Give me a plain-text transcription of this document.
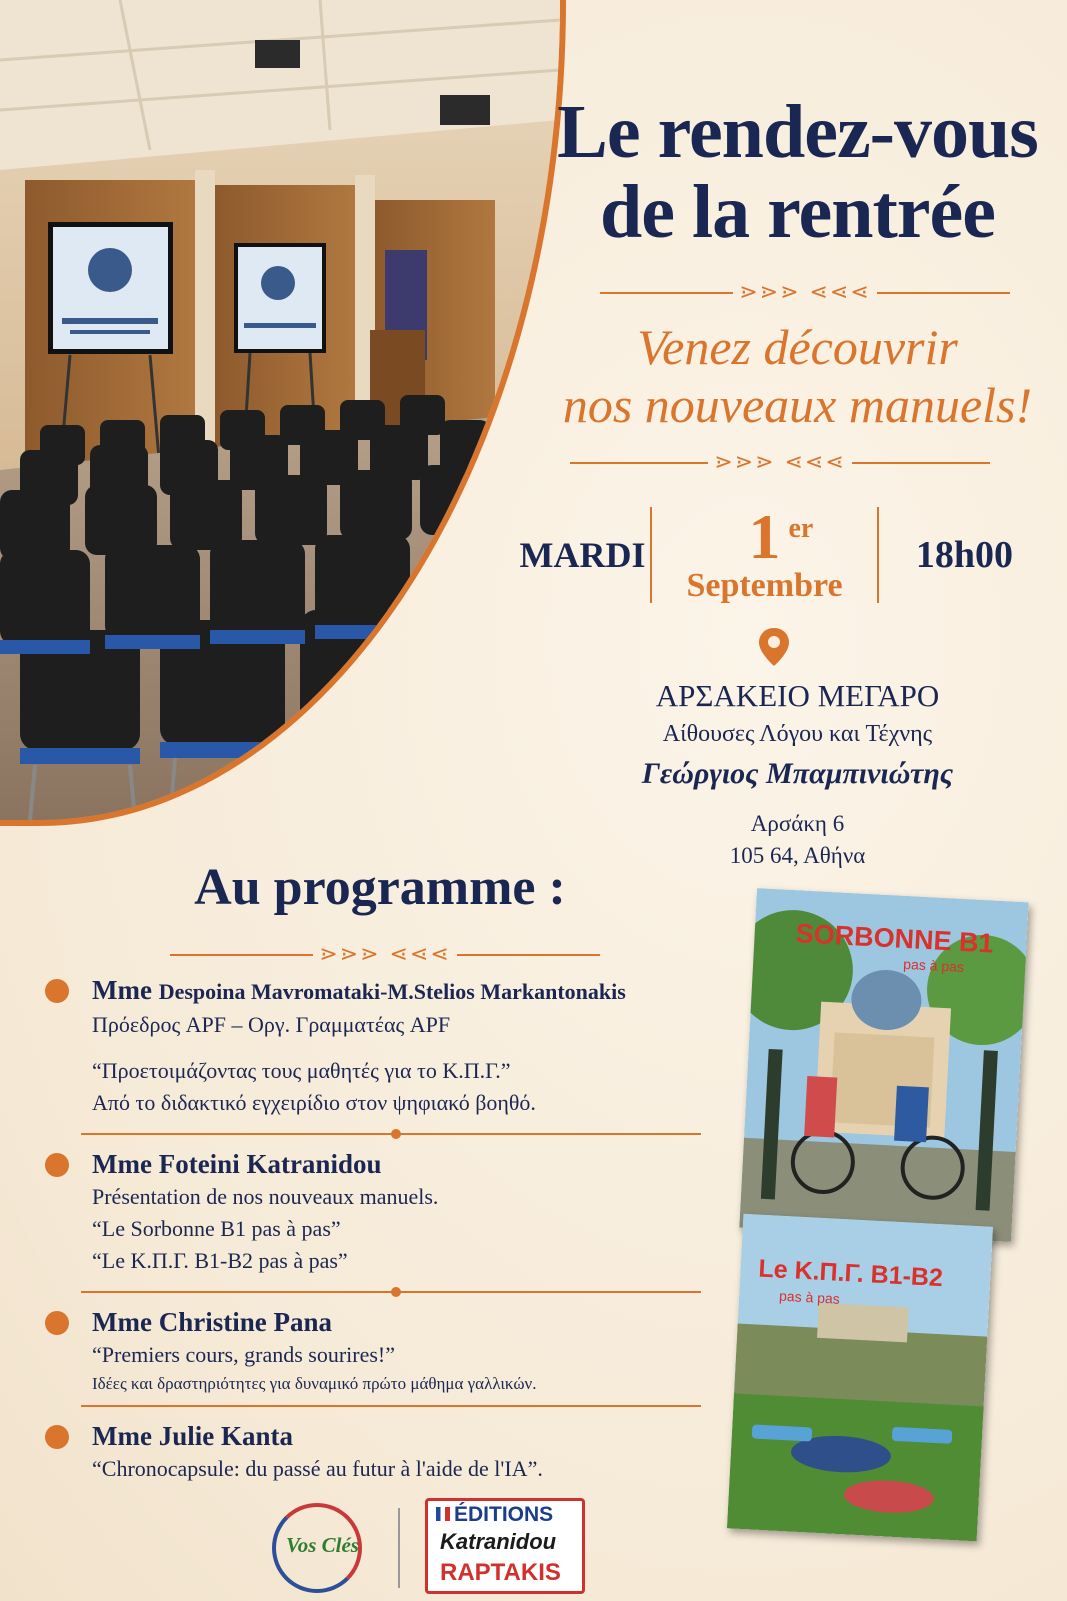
Le rendez-vous
de la rentrée
⋗⋗⋗ ⋖⋖⋖
Venez découvrir
nos nouveaux manuels!
⋗⋗⋗ ⋖⋖⋖
MARDI 1 er
Septembre
18h00
ΑΡΣΑΚΕΙΟ ΜΕΓΑΡΟ
Αίθουσες Λόγου και Τέχνης
Γεώργιος Μπαμπινιώτης
Αρσάκη 6
105 64, Αθήνα
Au programme :
⋗⋗⋗ ⋖⋖⋖
Mme Despoina Mavromataki-M.Stelios Markantonakis
Πρόεδρος APF – Οργ. Γραμματέας APF
“Προετοιμάζοντας τους μαθητές για το Κ.Π.Γ.”
Από το διδακτικό εγχειρίδιο στον ψηφιακό βοηθό.
Mme Foteini Katranidou
Présentation de nos nouveaux manuels.
“Le Sorbonne B1 pas à pas”
“Le Κ.Π.Γ. B1-B2 pas à pas”
Mme Christine Pana
“Premiers cours, grands sourires!”
Ιδέες και δραστηριότητες για δυναμικό πρώτο μάθημα γαλλικών.
Mme Julie Kanta
“Chronocapsule: du passé au futur à l'aide de l'IA”.
SORBONNE B1
pas à pas
Le Κ.Π.Γ. B1-B2
pas à pas
Vos Clés
ÉDITIONS
Katranidou
RAPTAKIS
